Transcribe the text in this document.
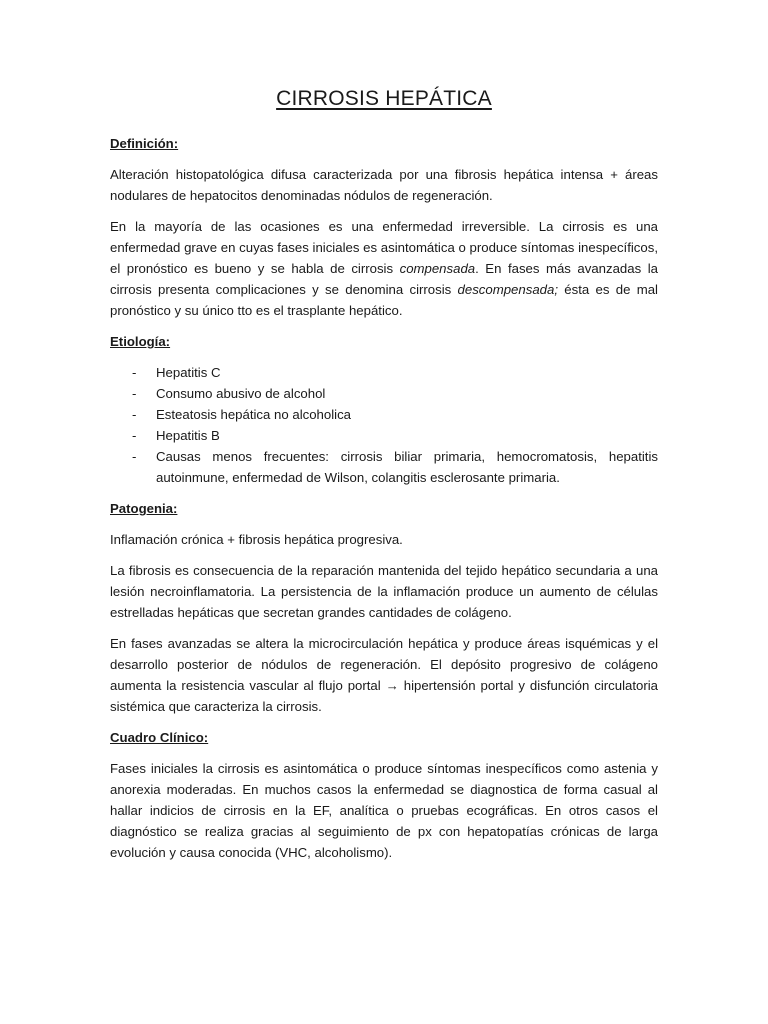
CIRROSIS HEPÁTICA
Definición:

Alteración histopatológica difusa caracterizada por una fibrosis hepática intensa + áreas nodulares de hepatocitos denominadas nódulos de regeneración.

En la mayoría de las ocasiones es una enfermedad irreversible. La cirrosis es una enfermedad grave en cuyas fases iniciales es asintomática o produce síntomas inespecíficos, el pronóstico es bueno y se habla de cirrosis compensada. En fases más avanzadas la cirrosis presenta complicaciones y se denomina cirrosis descompensada; ésta es de mal pronóstico y su único tto es el trasplante hepático.

Etiología:
- Hepatitis C
- Consumo abusivo de alcohol
- Esteatosis hepática no alcoholica
- Hepatitis B
- Causas menos frecuentes: cirrosis biliar primaria, hemocromatosis, hepatitis autoinmune, enfermedad de Wilson, colangitis esclerosante primaria.
Patogenia:

Inflamación crónica + fibrosis hepática progresiva.

La fibrosis es consecuencia de la reparación mantenida del tejido hepático secundaria a una lesión necroinflamatoria. La persistencia de la inflamación produce un aumento de células estrelladas hepáticas que secretan grandes cantidades de colágeno.

En fases avanzadas se altera la microcirculación hepática y produce áreas isquémicas y el desarrollo posterior de nódulos de regeneración. El depósito progresivo de colágeno aumenta la resistencia vascular al flujo portal → hipertensión portal y disfunción circulatoria sistémica que caracteriza la cirrosis.

Cuadro Clínico:

Fases iniciales la cirrosis es asintomática o produce síntomas inespecíficos como astenia y anorexia moderadas. En muchos casos la enfermedad se diagnostica de forma casual al hallar indicios de cirrosis en la EF, analítica o pruebas ecográficas. En otros casos el diagnóstico se realiza gracias al seguimiento de px con hepatopatías crónicas de larga evolución y causa conocida (VHC, alcoholismo).
